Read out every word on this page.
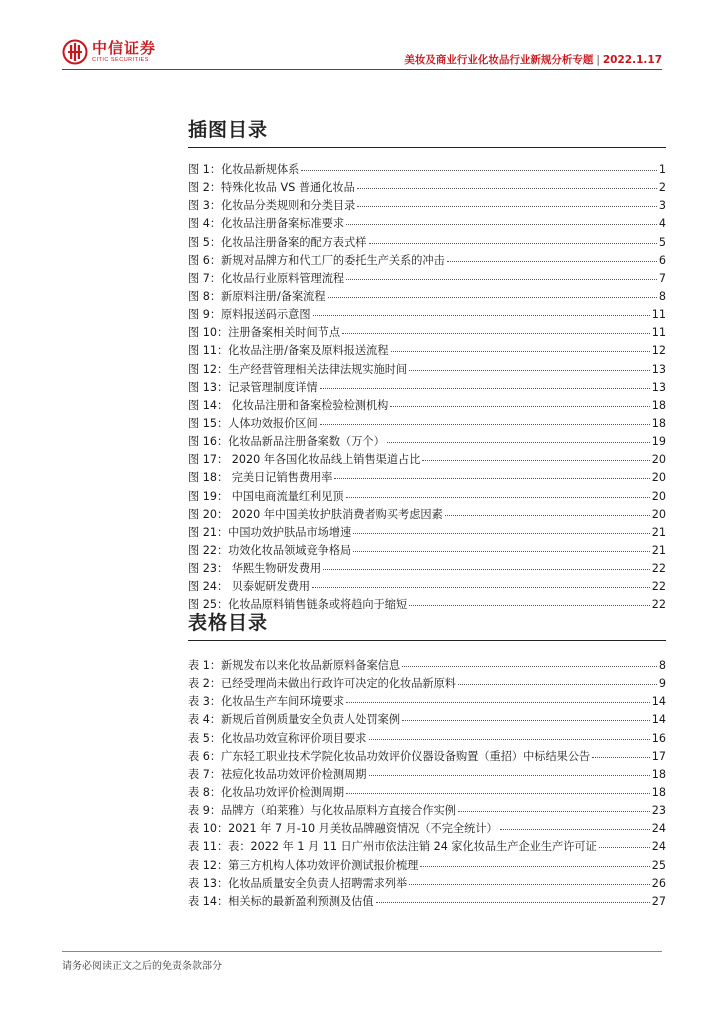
中信证券
CITIC SECURITIES	美妆及商业行业化妆品行业新规分析专题 | 2022.1.17
插图目录
图 1：化妆品新规体系	1
图 2：特殊化妆品 VS 普通化妆品	2
图 3：化妆品分类规则和分类目录	3
图 4：化妆品注册备案标准要求	4
图 5：化妆品注册备案的配方表式样	5
图 6：新规对品牌方和代工厂的委托生产关系的冲击	6
图 7：化妆品行业原料管理流程	7
图 8：新原料注册/备案流程	8
图 9：原料报送码示意图	11
图 10：注册备案相关时间节点	11
图 11：化妆品注册/备案及原料报送流程	12
图 12：生产经营管理相关法律法规实施时间	13
图 13：记录管理制度详情	13
图 14： 化妆品注册和备案检验检测机构	18
图 15：人体功效报价区间	18
图 16：化妆品新品注册备案数（万个）	19
图 17： 2020 年各国化妆品线上销售渠道占比	20
图 18： 完美日记销售费用率	20
图 19： 中国电商流量红利见顶	20
图 20： 2020 年中国美妆护肤消费者购买考虑因素	20
图 21：中国功效护肤品市场增速	21
图 22：功效化妆品领域竞争格局	21
图 23： 华熙生物研发费用	22
图 24： 贝泰妮研发费用	22
图 25：化妆品原料销售链条或将趋向于缩短	22
表格目录
表 1：新规发布以来化妆品新原料备案信息	8
表 2：已经受理尚未做出行政许可决定的化妆品新原料	9
表 3：化妆品生产车间环境要求	14
表 4：新规后首例质量安全负责人处罚案例	14
表 5：化妆品功效宣称评价项目要求	16
表 6：广东轻工职业技术学院化妆品功效评价仪器设备购置（重招）中标结果公告	17
表 7：祛痘化妆品功效评价检测周期	18
表 8：化妆品功效评价检测周期	18
表 9：品牌方（珀莱雅）与化妆品原料方直接合作实例	23
表 10：2021 年 7 月-10 月美妆品牌融资情况（不完全统计）	24
表 11：表：2022 年 1 月 11 日广州市依法注销 24 家化妆品生产企业生产许可证	24
表 12：第三方机构人体功效评价测试报价梳理	25
表 13：化妆品质量安全负责人招聘需求列举	26
表 14：相关标的最新盈利预测及估值	27
请务必阅读正文之后的免责条款部分
